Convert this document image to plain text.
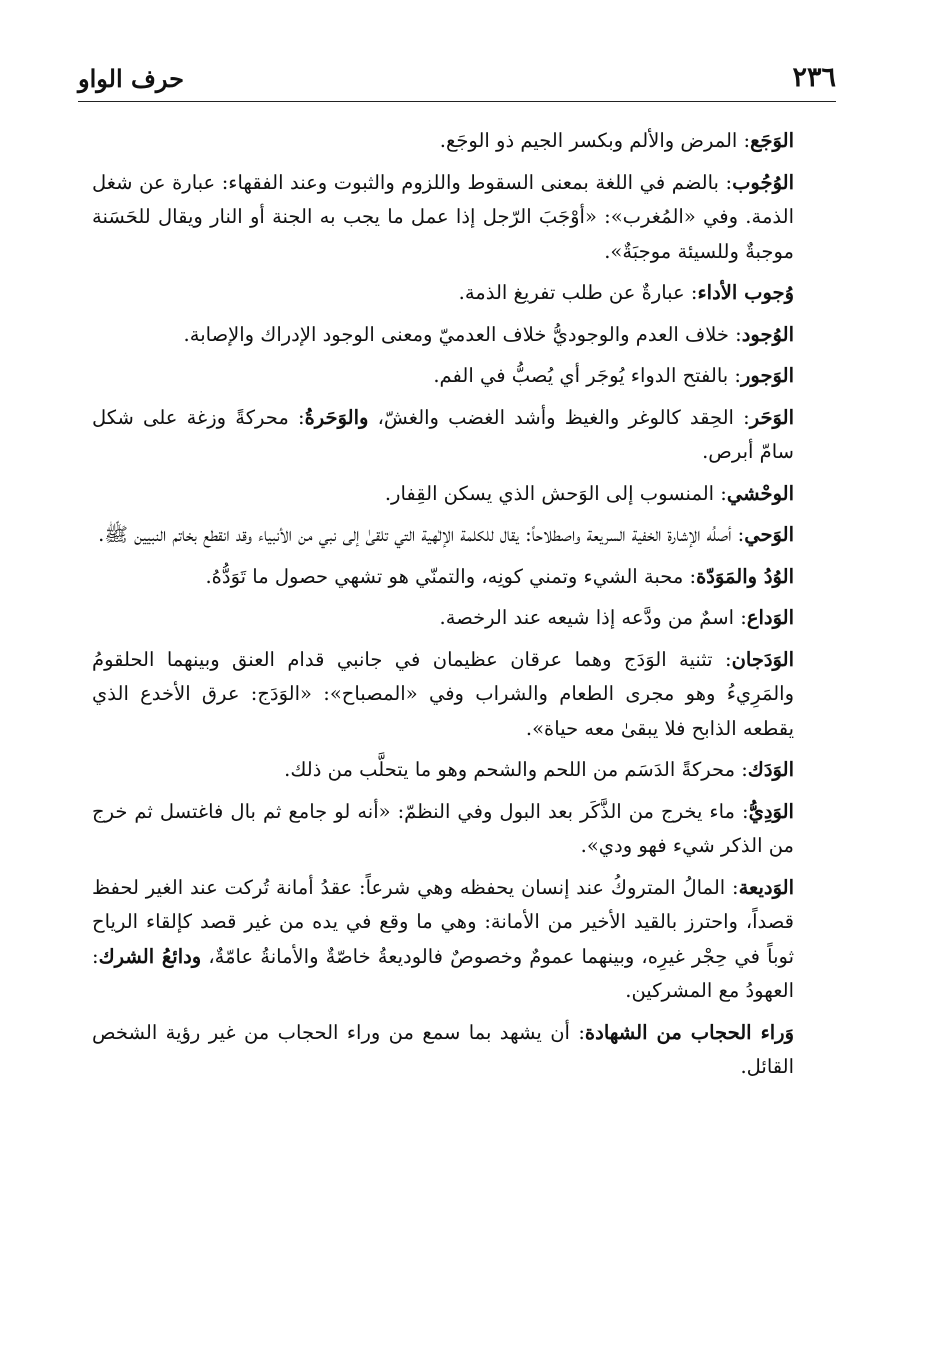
٢٣٦
حرف الواو

الوَجَع: المرض والألم وبكسر الجيم ذو الوجَع.

الوُجُوب: بالضم في اللغة بمعنى السقوط واللزوم والثبوت وعند الفقهاء: عبارة عن شغل الذمة. وفي «المُغرب»: «أوْجَبَ الرّجل إذا عمل ما يجب به الجنة أو النار ويقال للحَسَنة موجبةٌ وللسيئة موجبَةٌ».

وُجوب الأداء: عبارةٌ عن طلب تفريغ الذمة.

الوُجود: خلاف العدم والوجوديُّ خلاف العدميّ ومعنى الوجود الإدراك والإصابة.

الوَجور: بالفتح الدواء يُوجَر أي يُصبُّ في الفم.

الوَحَر: الحِقد كالوغر والغيظ وأشد الغضب والغشّ، والوَحَرةُ: محركةً وزغة على شكل سامّ أبرص.

الوحْشي: المنسوب إلى الوَحش الذي يسكن القِفار.

الوَحي: أصلُه الإشارة الخفية السريعة واصطلاحاً: يقال للكلمة الإلٰهية التي تلقىٰ إلى نبي من الأنبياء وقد انقطع بخاتم النبيين ﷺ.

الوُدُ والمَوَدّة: محبة الشيء وتمني كونِه، والتمنّي هو تشهي حصول ما تَوَدُّهُ.

الوَداع: اسمٌ من ودَّعه إذا شيعه عند الرخصة.

الوَدَجان: تثنية الوَدَج وهما عرقان عظيمان في جانبي قدام العنق وبينهما الحلقومُ والمَرِيءُ وهو مجرى الطعام والشراب وفي «المصباح»: «الوَدَج: عرق الأخدع الذي يقطعه الذابح فلا يبقىٰ معه حياة».

الوَدَك: محركةً الدَسَم من اللحم والشحم وهو ما يتحلَّب من ذلك.

الوَدِيُّ: ماء يخرج من الذَّكَر بعد البول وفي النظمّ: «أنه لو جامع ثم بال فاغتسل ثم خرج من الذكر شيء فهو ودي».

الوَديعة: المالُ المتروكُ عند إنسان يحفظه وهي شرعاً: عقدُ أمانة تُركت عند الغير لحفظ قصداً، واحترز بالقيد الأخير من الأمانة: وهي ما وقع في يده من غير قصد كإلقاء الرياح ثوباً في حِجْر غيرِه، وبينهما عمومٌ وخصوصٌ فالوديعةُ خاصّةٌ والأمانةُ عامّةٌ، ودائعُ الشرك: العهودُ مع المشركين.

وَراء الحجاب من الشهادة: أن يشهد بما سمع من وراء الحجاب من غير رؤية الشخص القائل.
